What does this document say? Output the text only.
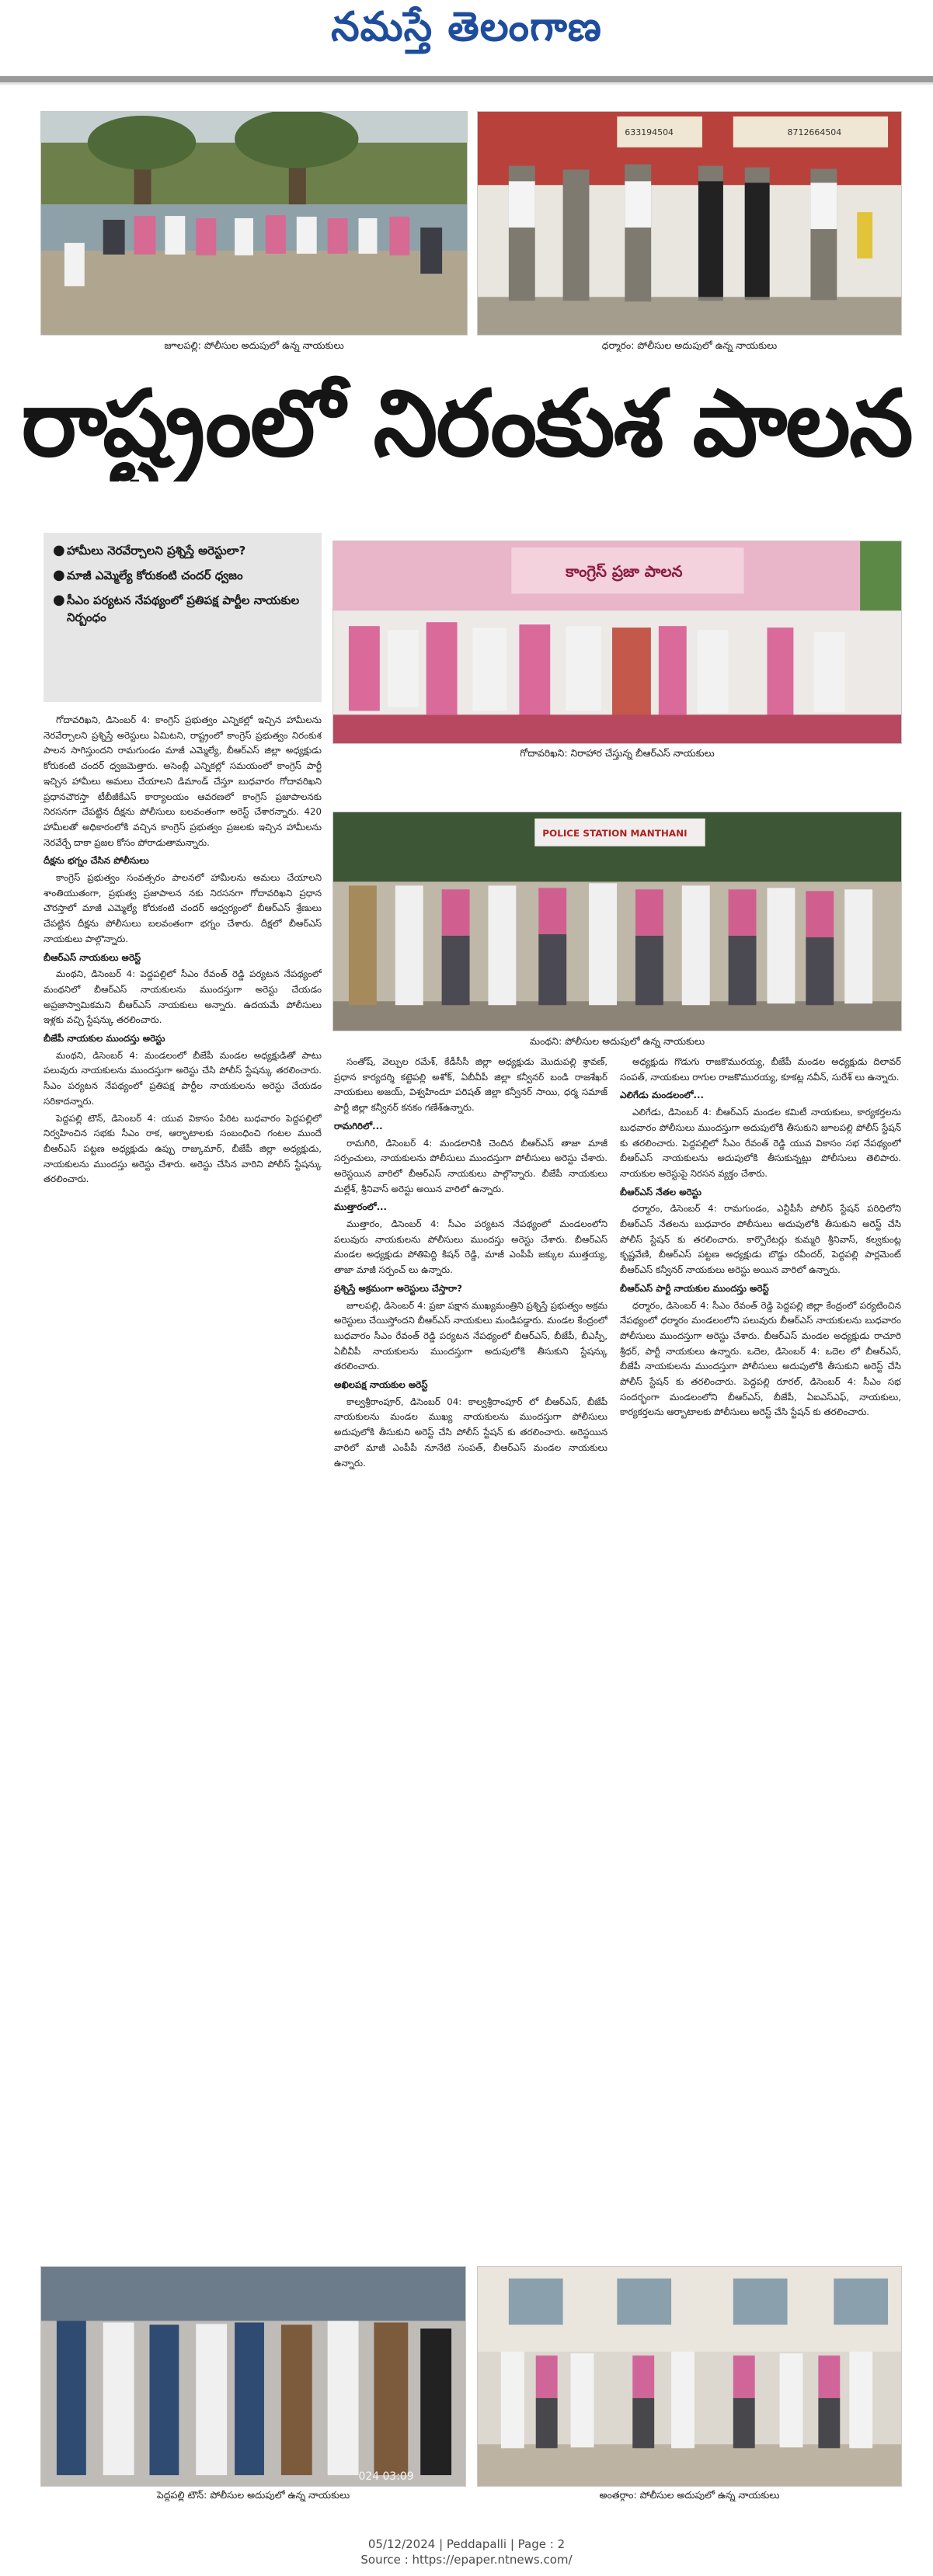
నమస్తే తెలంగాణ
జూలపల్లి: పోలీసుల అదుపులో ఉన్న నాయకులు
633194504	8712664504
ధర్మారం: పోలీసుల అదుపులో ఉన్న నాయకులు
రాష్ట్రంలో నిరంకుశ పాలన
● హామీలు నెరవేర్చాలని ప్రశ్నిస్తే అరెస్టులా?
● మాజీ ఎమ్మెల్యే కోరుకంటి చందర్ ధ్వజం
● సీఎం పర్యటన నేపథ్యంలో ప్రతిపక్ష పార్టీల నాయకుల నిర్బంధం
కాంగ్రెస్ ప్రజా పాలన
గోదావరిఖని: నిరాహార చేస్తున్న బీఆర్ఎస్ నాయకులు
POLICE STATION MANTHANI
మంథని: పోలీసుల అదుపులో ఉన్న నాయకులు

గోదావరిఖని, డిసెంబర్ 4: కాంగ్రెస్ ప్రభుత్వం ఎన్నికల్లో ఇచ్చిన హామీలను నెరవేర్చాలని ప్రశ్నిస్తే అరెస్టులు ఏమిటని, రాష్ట్రంలో కాంగ్రెస్ ప్రభుత్వం నిరంకుశ పాలన సాగిస్తుందని రామగుండం మాజీ ఎమ్మెల్యే, బీఆర్ఎస్ జిల్లా అధ్యక్షుడు కోరుకంటి చందర్ ధ్వజమెత్తారు. అసెంబ్లీ ఎన్నికల్లో సమయంలో కాంగ్రెస్ పార్టీ ఇచ్చిన హామీలు అమలు చేయాలని డిమాండ్ చేస్తూ బుధవారం గోదావరిఖని ప్రధానచౌరస్తా టీబీజీకేఎస్ కార్యాలయం ఆవరణలో కాంగ్రెస్ ప్రజాపాలనకు నిరసనగా చేపట్టిన దీక్షను పోలీసులు బలవంతంగా అరెస్ట్ చేశారన్నారు. 420 హామీలతో అధికారంలోకి వచ్చిన కాంగ్రెస్ ప్రభుత్వం ప్రజలకు ఇచ్చిన హామీలను నెరవేర్చే దాకా ప్రజల కోసం పోరాడుతామన్నారు.

దీక్షను భగ్నం చేసిన పోలీసులు

కాంగ్రెస్ ప్రభుత్వం సంవత్సరం పాలనలో హామీలను అమలు చేయాలని శాంతియుతంగా, ప్రభుత్వ ప్రజాపాలన నకు నిరసనగా గోదావరిఖని ప్రధాన చౌరస్తాలో మాజీ ఎమ్మెల్యే కోరుకంటి చందర్ ఆధ్వర్యంలో బీఆర్ఎస్ శ్రేణులు చేపట్టిన దీక్షను పోలీసులు బలవంతంగా భగ్నం చేశారు. దీక్షలో బీఆర్ఎస్ నాయకులు పాల్గొన్నారు.

బీఆర్ఎస్ నాయకులు అరెస్ట్

మంథని, డిసెంబర్ 4: పెద్దపల్లిలో సీఎం రేవంత్ రెడ్డి పర్యటన నేపథ్యంలో మంథనిలో బీఆర్ఎస్ నాయకులను ముందస్తుగా అరెస్టు చేయడం అప్రజాస్వామికమని బీఆర్ఎస్ నాయకులు అన్నారు. ఉదయమే పోలీసులు ఇళ్లకు వచ్చి స్టేషన్కు తరలించారు.

బీజేపీ నాయకుల ముందస్తు అరెస్టు

మంథని, డిసెంబర్ 4: మండలంలో బీజేపీ మండల అధ్యక్షుడితో పాటు పలువురు నాయకులను ముందస్తుగా అరెస్టు చేసి పోలీస్ స్టేషన్కు తరలించారు. సీఎం పర్యటన నేపథ్యంలో ప్రతిపక్ష పార్టీల నాయకులను అరెస్టు చేయడం సరికాదన్నారు.

పెద్దపల్లి టౌన్, డిసెంబర్ 4: యువ వికాసం పేరిట బుధవారం పెద్దపల్లిలో నిర్వహించిన సభకు సీఎం రాక, ఆర్భాటాలకు సంబంధించి గంటల ముందే బీఆర్ఎస్ పట్టణ అధ్యక్షుడు ఉప్పు రాజ్కుమార్, బీజేపీ జిల్లా అధ్యక్షుడు, నాయకులను ముందస్తు అరెస్టు చేశారు. అరెస్టు చేసిన వారిని పోలీస్ స్టేషన్కు తరలించారు.

సంతోష్, వెల్పుల రమేశ్, కేడీసీసీ జిల్లా అధ్యక్షుడు మొదుపల్లి శ్రావణ్, ప్రధాన కార్యదర్శి కట్టెపల్లి అశోక్, ఏబీవీపీ జిల్లా కన్వీనర్ బండి రాజశేఖర్ నాయకులు అజయ్, విశ్వహిందూ పరిషత్ జిల్లా కన్వీనర్ సాయి, ధర్మ సమాజ్ పార్టీ జిల్లా కన్వీనర్ కనకం గణేశ్ఉన్నారు.

రామగిరిలో...

రామగిరి, డిసెంబర్ 4: మండలానికి చెందిన బీఆర్ఎస్ తాజా మాజీ సర్పంచులు, నాయకులను పోలీసులు ముందస్తుగా పోలీసులు అరెస్టు చేశారు. అరెస్టయిన వారిలో బీఆర్ఎస్ నాయకులు పాల్గొన్నారు. బీజేపీ నాయకులు మల్లేశ్, శ్రీనివాస్ అరెస్టు అయిన వారిలో ఉన్నారు.

ముత్తారంలో...

ముత్తారం, డిసెంబర్ 4: సీఎం పర్యటన నేపథ్యంలో మండలంలోని పలువురు నాయకులను పోలీసులు ముందస్తు అరెస్టు చేశారు. బీఆర్ఎస్ మండల అధ్యక్షుడు పోతిపెద్ది కిషన్ రెడ్డి, మాజీ ఎంపీపీ జక్కుల ముత్తయ్య, తాజా మాజీ సర్పంచ్ లు ఉన్నారు.

ప్రశ్నిస్తే అక్రమంగా అరెస్టులు చేస్తారా?

జూలపల్లి, డిసెంబర్ 4: ప్రజా పక్షాన ముఖ్యమంత్రిని ప్రశ్నిస్తే ప్రభుత్వం అక్రమ అరెస్టులు చేయిస్తోందని బీఆర్ఎస్ నాయకులు మండిపడ్డారు. మండల కేంద్రంలో బుధవారం సీఎం రేవంత్ రెడ్డి పర్యటన నేపథ్యంలో బీఆర్ఎస్, బీజేపీ, బీఎస్పీ, ఏబీవీపీ నాయకులను ముందస్తుగా అదుపులోకి తీసుకుని స్టేషన్కు తరలించారు.

అఖిలపక్ష నాయకుల అరెస్ట్

కాల్వశ్రీరాంపూర్, డిసెంబర్ 04: కాల్వశ్రీరాంపూర్ లో బీఆర్ఎస్, బీజేపీ నాయకులను మండల ముఖ్య నాయకులను ముందస్తుగా పోలీసులు అదుపులోకి తీసుకుని అరెస్ట్ చేసి పోలీస్ స్టేషన్ కు తరలించారు. అరెస్టయిన వారిలో మాజీ ఎంపీపీ నూనేటి సంపత్, బీఆర్ఎస్ మండల నాయకులు ఉన్నారు.

అధ్యక్షుడు గొడుగు రాజకొమురయ్య, బీజేపీ మండల అధ్యక్షుడు దిలావర్ సంపత్, నాయకులు రాగుల రాజకొమురయ్య, కూకట్ల నవీన్, సురేశ్ లు ఉన్నారు.

ఎలిగేడు మండలంలో...

ఎలిగేడు, డిసెంబర్ 4: బీఆర్ఎస్ మండల కమిటీ నాయకులు, కార్యకర్తలను బుధవారం పోలీసులు ముందస్తుగా అదుపులోకి తీసుకుని జూలపల్లి పోలీస్ స్టేషన్ కు తరలించారు. పెద్దపల్లిలో సీఎం రేవంత్ రెడ్డి యువ వికాసం సభ నేపథ్యంలో బీఆర్ఎస్ నాయకులను అదుపులోకి తీసుకున్నట్లు పోలీసులు తెలిపారు. నాయకుల అరెస్టుపై నిరసన వ్యక్తం చేశారు.

బీఆర్ఎస్ నేతల అరెస్టు

ధర్మారం, డిసెంబర్ 4: రామగుండం, ఎన్టీపీసీ పోలీస్ స్టేషన్ పరిధిలోని బీఆర్ఎస్ నేతలను బుధవారం పోలీసులు అదుపులోకి తీసుకుని అరెస్ట్ చేసి పోలీస్ స్టేషన్ కు తరలించారు. కార్పొరేటర్లు కుమ్మరి శ్రీనివాస్, కల్వకుంట్ల కృష్ణవేణి, బీఆర్ఎస్ పట్టణ అధ్యక్షుడు బొడ్డు రవీందర్, పెద్దపల్లి పార్లమెంట్ బీఆర్ఎస్ కన్వీనర్ నాయకులు అరెస్టు అయిన వారిలో ఉన్నారు.

బీఆర్ఎస్ పార్టీ నాయకుల ముందస్తు అరెస్ట్

ధర్మారం, డిసెంబర్ 4: సీఎం రేవంత్ రెడ్డి పెద్దపల్లి జిల్లా కేంద్రంలో పర్యటించిన నేపథ్యంలో ధర్మారం మండలంలోని పలువురు బీఆర్ఎస్ నాయకులను బుధవారం పోలీసులు ముందస్తుగా అరెస్టు చేశారు. బీఆర్ఎస్ మండల అధ్యక్షుడు రాచూరి శ్రీధర్, పార్టీ నాయకులు ఉన్నారు. ఒదెల, డిసెంబర్ 4: ఒదెల లో బీఆర్ఎస్, బీజేపీ నాయకులను ముందస్తుగా పోలీసులు అదుపులోకి తీసుకుని అరెస్ట్ చేసి పోలీస్ స్టేషన్ కు తరలించారు. పెద్దపల్లి రూరల్, డిసెంబర్ 4: సీఎం సభ సందర్భంగా మండలంలోని బీఆర్ఎస్, బీజేపీ, ఏఐఎస్ఎఫ్, నాయకులు, కార్యకర్తలను ఆర్బాటాలకు పోలీసులు అరెస్ట్ చేసి స్టేషన్ కు తరలించారు.

024 03:09
పెద్దపల్లి టౌన్: పోలీసుల అదుపులో ఉన్న నాయకులు	అంతర్గాం: పోలీసుల అదుపులో ఉన్న నాయకులు
05/12/2024 | Peddapalli | Page : 2
Source : https://epaper.ntnews.com/
